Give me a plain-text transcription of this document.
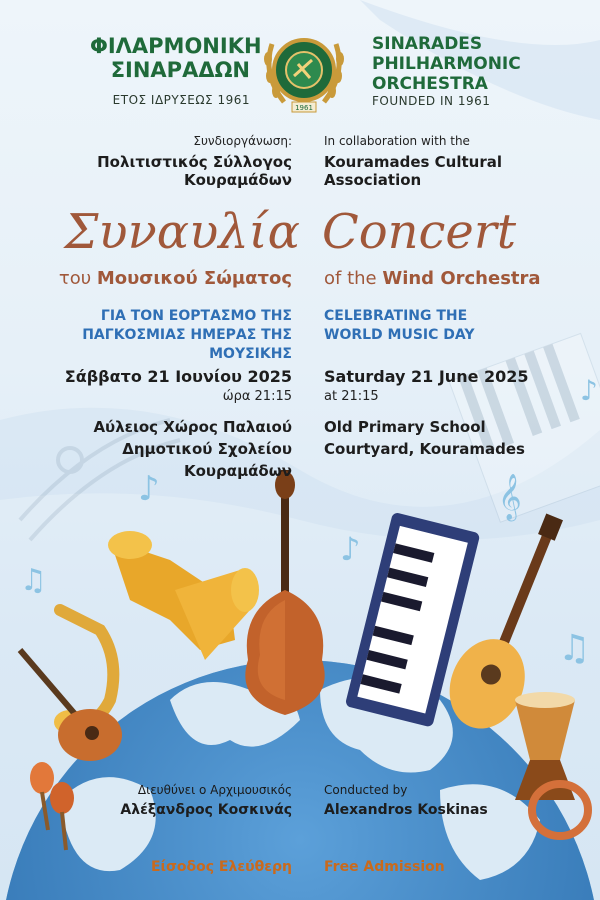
♪
♫
♪
𝄞
♫
♪
ΦΙΛΑΡΜΟΝΙΚΗ
ΣΙΝΑΡΑΔΩΝ
ΕΤΟΣ ΙΔΡΥΣΕΩΣ 1961
1961
SINARADES
PHILHARMONIC
ORCHESTRA
FOUNDED IN 1961
Συνδιοργάνωση:
Πολιτιστικός Σύλλογος Κουραμάδων
In collaboration with the
Kouramades Cultural Association
Συναυλία Concert
του Μουσικού Σώματος of the Wind Orchestra
ΓΙΑ ΤΟΝ ΕΟΡΤΑΣΜΟ ΤΗΣ
ΠΑΓΚΟΣΜΙΑΣ ΗΜΕΡΑΣ ΤΗΣ ΜΟΥΣΙΚΗΣ
CELEBRATING THE
WORLD MUSIC DAY
Σάββατο 21 Ιουνίου 2025
ώρα 21:15
Saturday 21 June 2025
at 21:15
Αύλειος Χώρος Παλαιού
Δημοτικού Σχολείου Κουραμάδων
Old Primary School
Courtyard, Kouramades
Διευθύνει ο Αρχιμουσικός
Αλέξανδρος Κοσκινάς
Conducted by
Alexandros Koskinas
Είσοδος Ελεύθερη Free Admission
